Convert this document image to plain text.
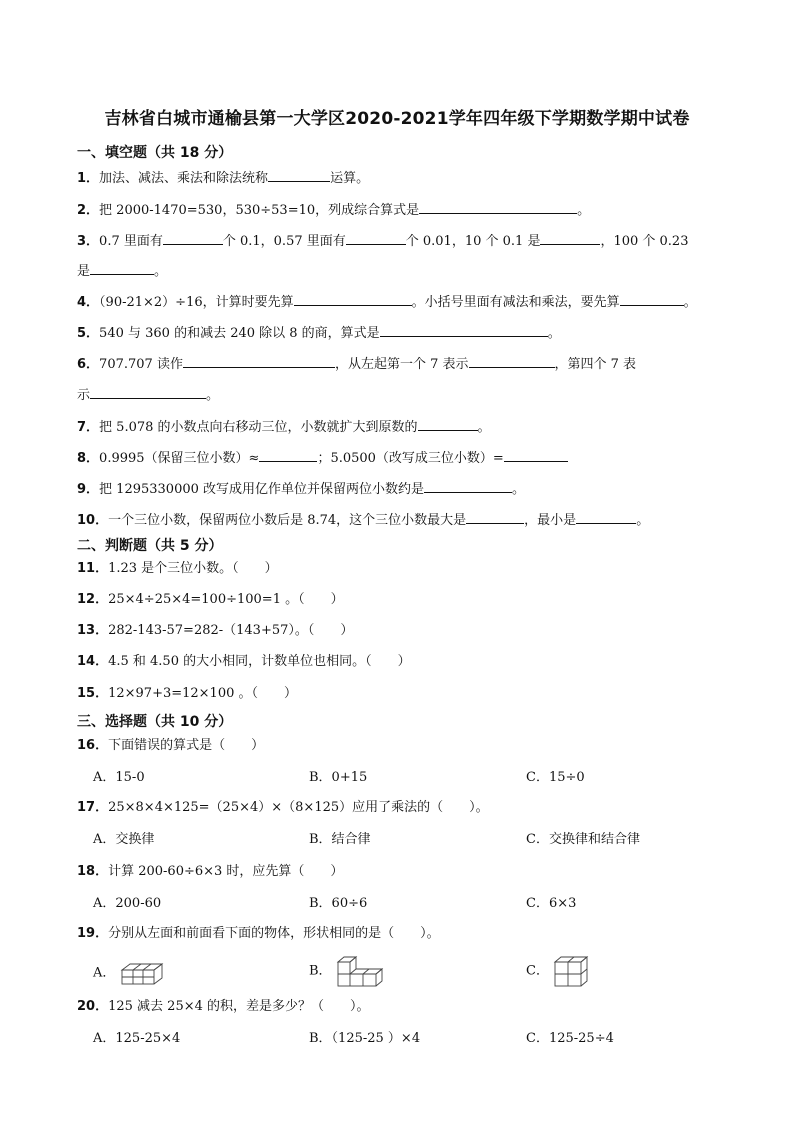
吉林省白城市通榆县第一大学区2020-2021学年四年级下学期数学期中试卷
一、填空题（共 18 分）
1．加法、减法、乘法和除法统称	运算。
2．把 2000-1470=530，530÷53=10，列成综合算式是	。
3．0.7 里面有	个 0.1，0.57 里面有	个 0.01，10 个 0.1 是	，100 个 0.23
是	。
4．（90-21×2）÷16，计算时要先算	。小括号里面有减法和乘法，要先算	。
5．540 与 360 的和减去 240 除以 8 的商，算式是	。
6．707.707 读作	，从左起第一个 7 表示	，第四个 7 表
示	。
7．把 5.078 的小数点向右移动三位，小数就扩大到原数的	。
8．0.9995（保留三位小数）≈	；5.0500（改写成三位小数）=
9．把 1295330000 改写成用亿作单位并保留两位小数约是	。
10．一个三位小数，保留两位小数后是 8.74，这个三位小数最大是	，最小是	。
二、判断题（共 5 分）
11．1.23 是个三位小数。（　　）
12．25×4÷25×4=100÷100=1 。（　　）
13．282-143-57=282-（143+57）。（　　）
14．4.5 和 4.50 的大小相同，计数单位也相同。（　　）
15．12×97+3=12×100 。（　　）
三、选择题（共 10 分）
16．下面错误的算式是（　　）
A．15-0	B．0+15	C．15÷0
17．25×8×4×125=（25×4）×（8×125）应用了乘法的（　　）。
A．交换律	B．结合律	C．交换律和结合律
18．计算 200-60÷6×3 时，应先算（　　）
A．200-60	B．60÷6	C．6×3
19．分别从左面和前面看下面的物体，形状相同的是（　　）。
A．	B．	C．
20．125 减去 25×4 的积，差是多少？（　　）。
A．125-25×4	B．（125-25 ）×4	C．125-25÷4
